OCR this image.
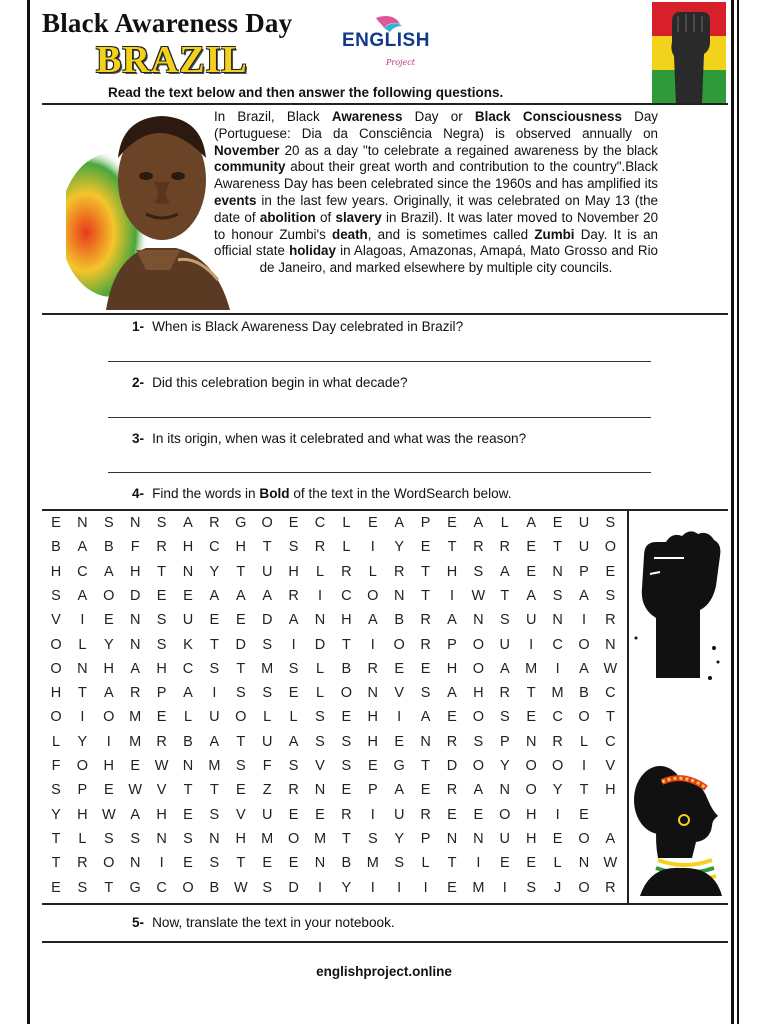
Black Awareness Day
BRAZIL	ENGLISH
Project
Read the text below and then answer the following questions.
In Brazil, Black Awareness Day or Black Consciousness Day (Portuguese: Dia da Consciência Negra) is observed annually on November 20 as a day "to celebrate a regained awareness by the black community about their great worth and contribution to the country".Black Awareness Day has been celebrated since the 1960s and has amplified its events in the last few years. Originally, it was celebrated on May 13 (the date of abolition of slavery in Brazil). It was later moved to November 20 to honour Zumbi's death, and is sometimes called Zumbi Day. It is an official state holiday in Alagoas, Amazonas, Amapá, Mato Grosso and Rio de Janeiro, and marked elsewhere by multiple city councils.
1- When is Black Awareness Day celebrated in Brazil?
2- Did this celebration begin in what decade?
3- In its origin, when was it celebrated and what was the reason?
4- Find the words in Bold of the text in the WordSearch below.
E	N	S	N	S	A	R	G	O	E	C	L	E	A	P	E	A	L	A	E	U	S
B	A	B	F	R	H	C	H	T	S	R	L	I	Y	E	T	R	R	E	T	U	O
H	C	A	H	T	N	Y	T	U	H	L	R	L	R	T	H	S	A	E	N	P	E
S	A	O	D	E	E	A	A	A	R	I	C	O	N	T	I	W	T	A	S	A	S
V	I	E	N	S	U	E	E	D	A	N	H	A	B	R	A	N	S	U	N	I	R
O	L	Y	N	S	K	T	D	S	I	D	T	I	O	R	P	O	U	I	C	O	N
O	N	H	A	H	C	S	T	M	S	L	B	R	E	E	H	O	A	M	I	A	W
H	T	A	R	P	A	I	S	S	E	L	O	N	V	S	A	H	R	T	M	B	C
O	I	O	M	E	L	U	O	L	L	S	E	H	I	A	E	O	S	E	C	O	T
L	Y	I	M	R	B	A	T	U	A	S	S	H	E	N	R	S	P	N	R	L	C
F	O	H	E	W N	M	S	F	S	V	S	E	G	T	D	O	Y	O	O	I	V
S	P	E	W	V	T	T	E	Z	R	N	E	P	A	E	R	A	N	O	Y	T	H
Y	H W	A	H	E	S	V	U	E	E	R	I	U	R	E	E	O	H	I	E
T	L	S	S	N	S	N	H	M	O	M	T	S	Y	P	N	N	U	H	E	O	A
T	R	O	N	I	E	S	T	E	E	N	B	M	S	L	T	I	E	E	L	N W
E	S	T	G	C	O	B	W	S	D	I	Y	I	I	I	E	M	I	S	J	O	R
5- Now, translate the text in your notebook.
englishproject.online
